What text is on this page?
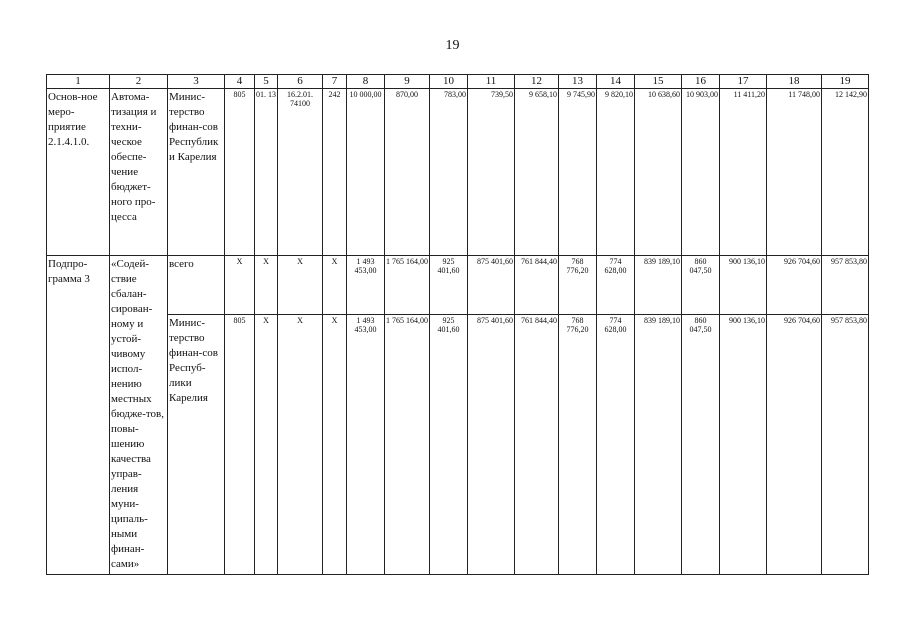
19
1	2	3	4	5	6	7	8	9	10	11	12	13	14	15	16	17	18	19
Основ-ное меро-приятие 2.1.4.1.0.	Автома-тизация и техни-ческое обеспе-чение бюджет-ного про-цесса	Минис-терство финан-сов Республики Карелия	805	01. 13	16.2.01. 74100	242	10 000,00	870,00	783,00	739,50	9 658,10	9 745,90	9 820,10	10 638,60	10 903,00	11 411,20	11 748,00	12 142,90
Подпро-грамма 3	«Содей-ствие сбалан-сирован-ному и устой-чивому испол-нению местных бюдже-тов, повы-шению качества управ-ления муни-ципаль-ными финан-сами»	всего	X	X	X	X	1 493 453,00	1 765 164,00	925 401,60	875 401,60	761 844,40	768 776,20	774 628,00	839 189,10	860 047,50	900 136,10	926 704,60	957 853,80
		Минис-терство финан-сов Респуб-лики Карелия	805	X	X	X	1 493 453,00	1 765 164,00	925 401,60	875 401,60	761 844,40	768 776,20	774 628,00	839 189,10	860 047,50	900 136,10	926 704,60	957 853,80
